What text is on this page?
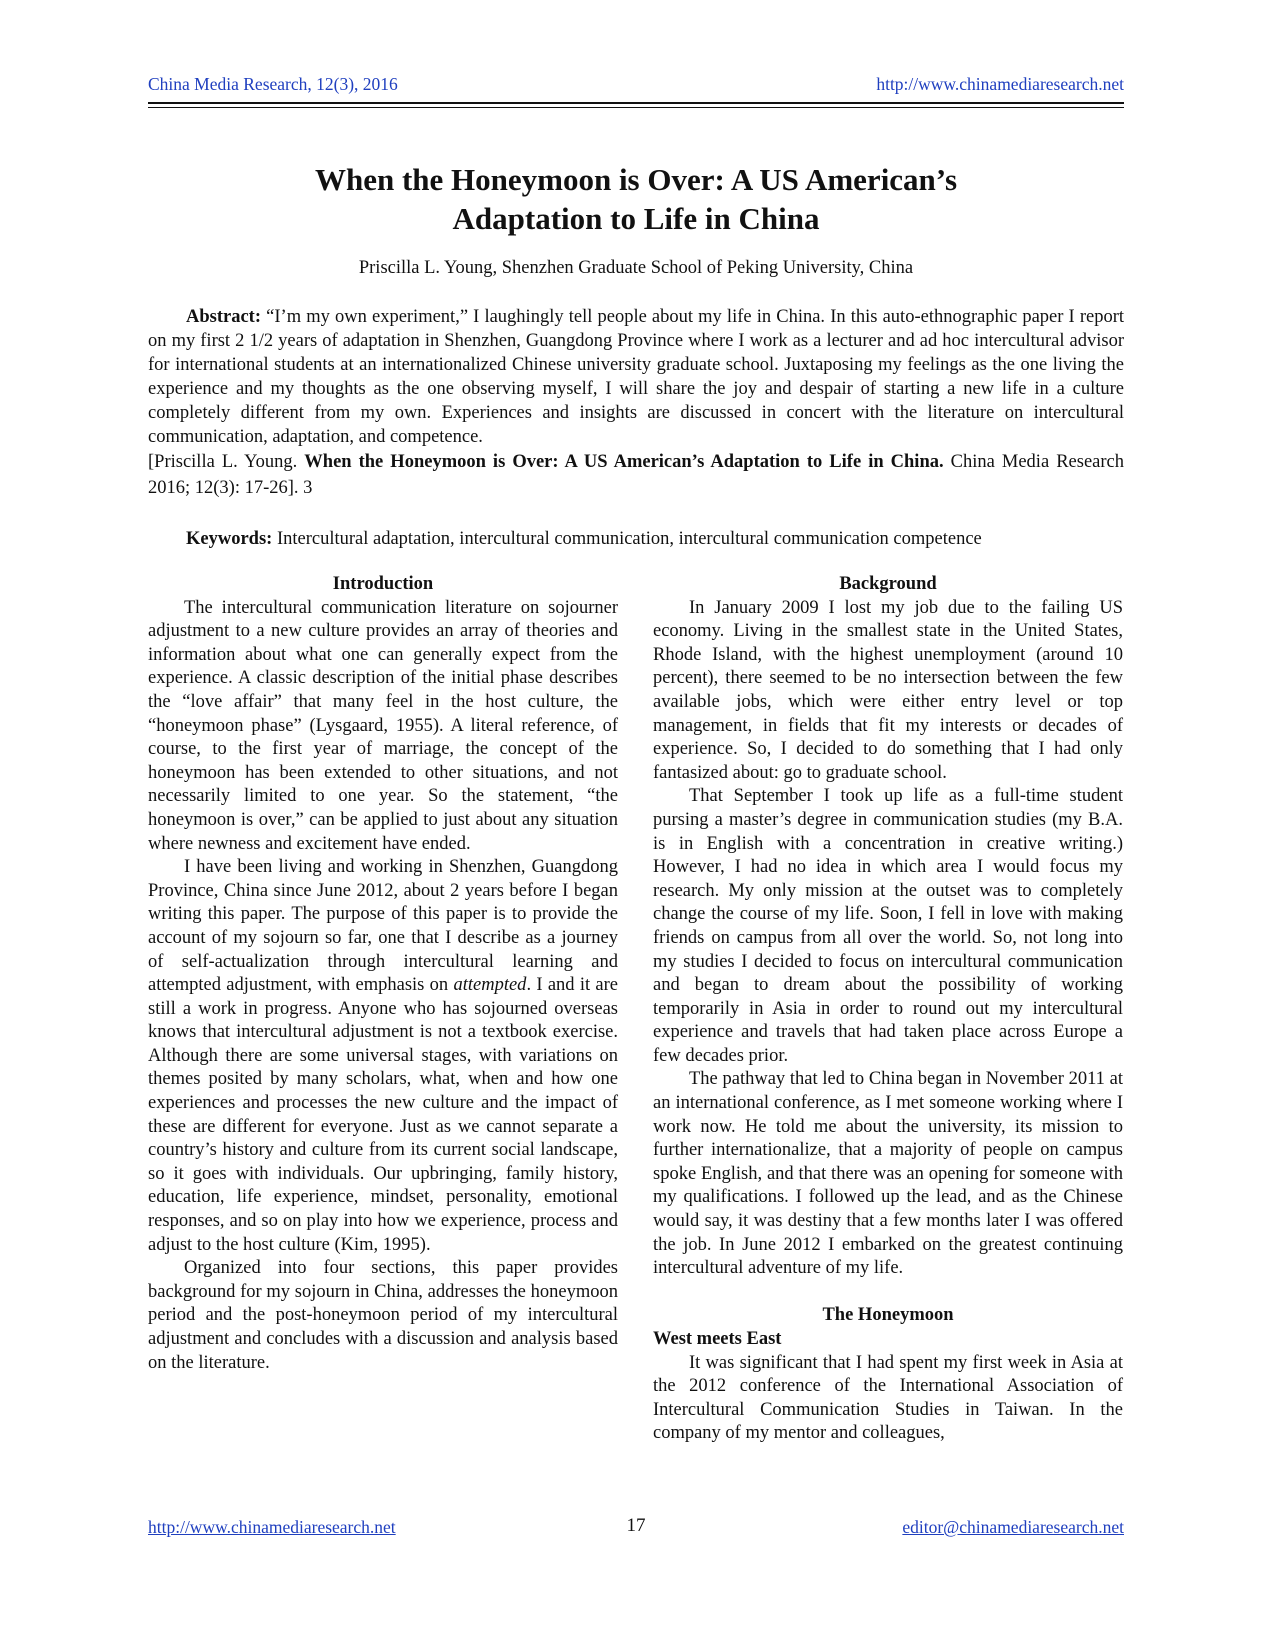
China Media Research, 12(3), 2016	http://www.chinamediaresearch.net
When the Honeymoon is Over: A US American’s
Adaptation to Life in China
Priscilla L. Young, Shenzhen Graduate School of Peking University, China

Abstract: “I’m my own experiment,” I laughingly tell people about my life in China. In this auto-ethnographic paper I report on my first 2 1/2 years of adaptation in Shenzhen, Guangdong Province where I work as a lecturer and ad hoc intercultural advisor for international students at an internationalized Chinese university graduate school. Juxtaposing my feelings as the one living the experience and my thoughts as the one observing myself, I will share the joy and despair of starting a new life in a culture completely different from my own. Experiences and insights are discussed in concert with the literature on intercultural communication, adaptation, and competence.

[Priscilla L. Young. When the Honeymoon is Over: A US American’s Adaptation to Life in China. China Media Research 2016; 12(3): 17-26]. 3

Keywords: Intercultural adaptation, intercultural communication, intercultural communication competence
Introduction

The intercultural communication literature on sojourner adjustment to a new culture provides an array of theories and information about what one can generally expect from the experience. A classic description of the initial phase describes the “love affair” that many feel in the host culture, the “honeymoon phase” (Lysgaard, 1955). A literal reference, of course, to the first year of marriage, the concept of the honeymoon has been extended to other situations, and not necessarily limited to one year. So the statement, “the honeymoon is over,” can be applied to just about any situation where newness and excitement have ended.

I have been living and working in Shenzhen, Guangdong Province, China since June 2012, about 2 years before I began writing this paper. The purpose of this paper is to provide the account of my sojourn so far, one that I describe as a journey of self-actualization through intercultural learning and attempted adjustment, with emphasis on attempted. I and it are still a work in progress. Anyone who has sojourned overseas knows that intercultural adjustment is not a textbook exercise. Although there are some universal stages, with variations on themes posited by many scholars, what, when and how one experiences and processes the new culture and the impact of these are different for everyone. Just as we cannot separate a country’s history and culture from its current social landscape, so it goes with individuals. Our upbringing, family history, education, life experience, mindset, personality, emotional responses, and so on play into how we experience, process and adjust to the host culture (Kim, 1995).

Organized into four sections, this paper provides background for my sojourn in China, addresses the honeymoon period and the post-honeymoon period of my intercultural adjustment and concludes with a discussion and analysis based on the literature.

Background

In January 2009 I lost my job due to the failing US economy. Living in the smallest state in the United States, Rhode Island, with the highest unemployment (around 10 percent), there seemed to be no intersection between the few available jobs, which were either entry level or top management, in fields that fit my interests or decades of experience. So, I decided to do something that I had only fantasized about: go to graduate school.

That September I took up life as a full-time student pursing a master’s degree in communication studies (my B.A. is in English with a concentration in creative writing.) However, I had no idea in which area I would focus my research. My only mission at the outset was to completely change the course of my life. Soon, I fell in love with making friends on campus from all over the world. So, not long into my studies I decided to focus on intercultural communication and began to dream about the possibility of working temporarily in Asia in order to round out my intercultural experience and travels that had taken place across Europe a few decades prior.

The pathway that led to China began in November 2011 at an international conference, as I met someone working where I work now. He told me about the university, its mission to further internationalize, that a majority of people on campus spoke English, and that there was an opening for someone with my qualifications. I followed up the lead, and as the Chinese would say, it was destiny that a few months later I was offered the job. In June 2012 I embarked on the greatest continuing intercultural adventure of my life.

The Honeymoon
West meets East

It was significant that I had spent my first week in Asia at the 2012 conference of the International Association of Intercultural Communication Studies in Taiwan. In the company of my mentor and colleagues,

http://www.chinamediaresearch.net	17	editor@chinamediaresearch.net
